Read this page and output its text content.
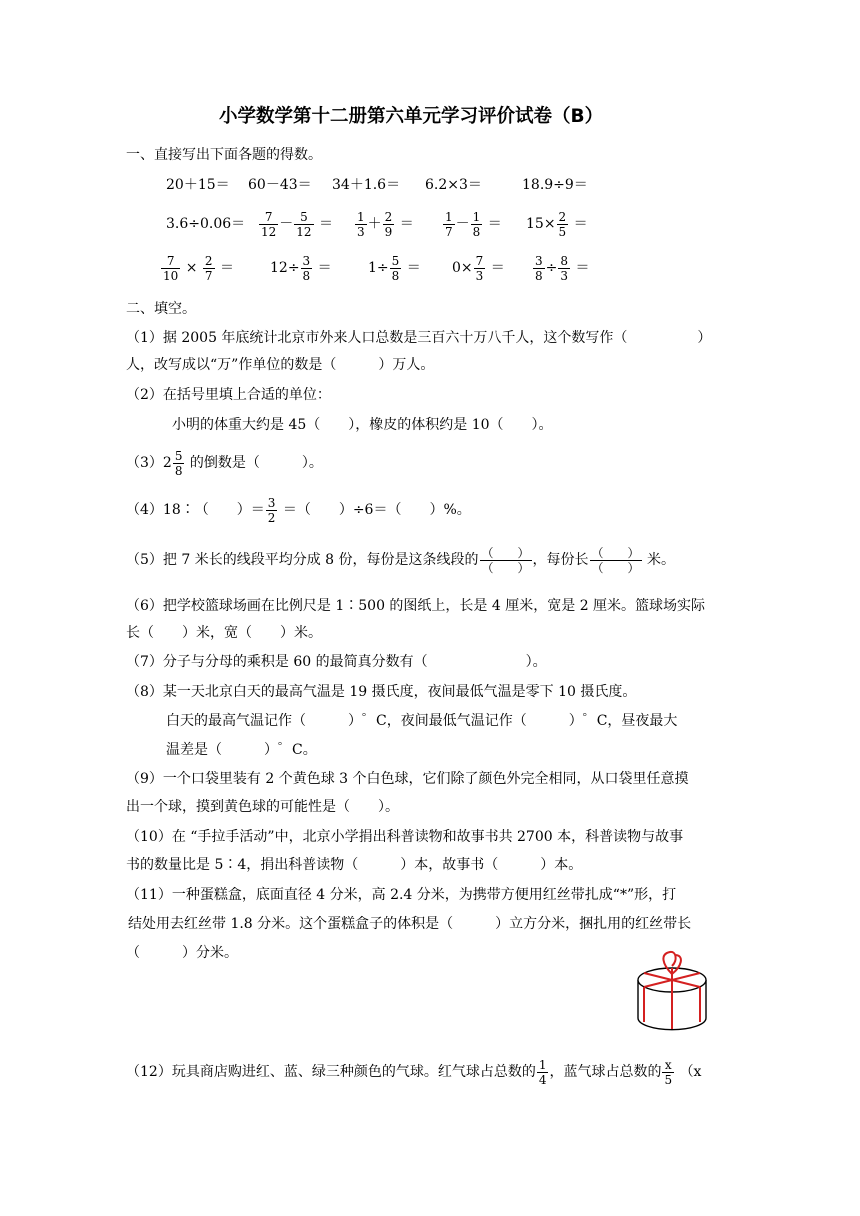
小学数学第十二册第六单元学习评价试卷（B）
一、直接写出下面各题的得数。
20＋15＝ 60－43＝ 34＋1.6＝ 6.2×3＝	18.9÷9＝
$3.6\div 0.06= \frac{7}{12} - \frac{5}{12} = \frac{1}{3} + \frac{2}{9} = \frac{1}{7} - \frac{1}{8} = 15\times \frac{2}{5}$ ＝
$\frac{7}{10} \times \frac{2}{7}$ ＝	$12\div \frac{3}{8}$ ＝	$1\div \frac{5}{8} = 0\times \frac{7}{3} = \frac{3}{8} \div \frac{8}{3}$ ＝
二、填空。
（1）据 2005 年底统计北京市外来人口总数是三百六十万八千人，这个数写作（　　　　　）
人，改写成以“万”作单位的数是（　　　）万人。
（2）在括号里填上合适的单位：
小明的体重大约是 45（　　），橡皮的体积约是 10（　　）。
$(3)2 \frac{5}{8}$ 的倒数是（　　　）。
（4）18∶（　　）＝ $\frac{3}{2}$ ＝（　　）÷6＝（　　）%。
（5）把 7 米长的线段平均分成 8 份，每份是这条线段的 $\frac{( )}{( )}$ ，每份长 $\frac{( )}{( )}$ 米。
（6）把学校篮球场画在比例尺是 1∶500 的图纸上，长是 4 厘米，宽是 2 厘米。篮球场实际
长（　　）米，宽（　　）米。
（7）分子与分母的乘积是 60 的最简真分数有（　　　　　　　）。
（8）某一天北京白天的最高气温是 19 摄氏度，夜间最低气温是零下 10 摄氏度。
白天的最高气温记作（　　　）゜C，夜间最低气温记作（　　　）゜C，昼夜最大
温差是（　　　）゜C。
（9）一个口袋里装有 2 个黄色球 3 个白色球，它们除了颜色外完全相同，从口袋里任意摸
出一个球，摸到黄色球的可能性是（　　）。
（10）在 “手拉手活动”中，北京小学捐出科普读物和故事书共 2700 本，科普读物与故事
书的数量比是 5∶4，捐出科普读物（　　　）本，故事书（　　　）本。
（11）一种蛋糕盒，底面直径 4 分米，高 2.4 分米，为携带方便用红丝带扎成“*”形，打
结处用去红丝带 1.8 分米。这个蛋糕盒子的体积是（　　　）立方分米，捆扎用的红丝带长
（　　　）分米。
（12）玩具商店购进红、蓝、绿三种颜色的气球。红气球占总数的 $\frac{1}{4}$ ，蓝气球占总数的 $\frac{x}{5} (x$
